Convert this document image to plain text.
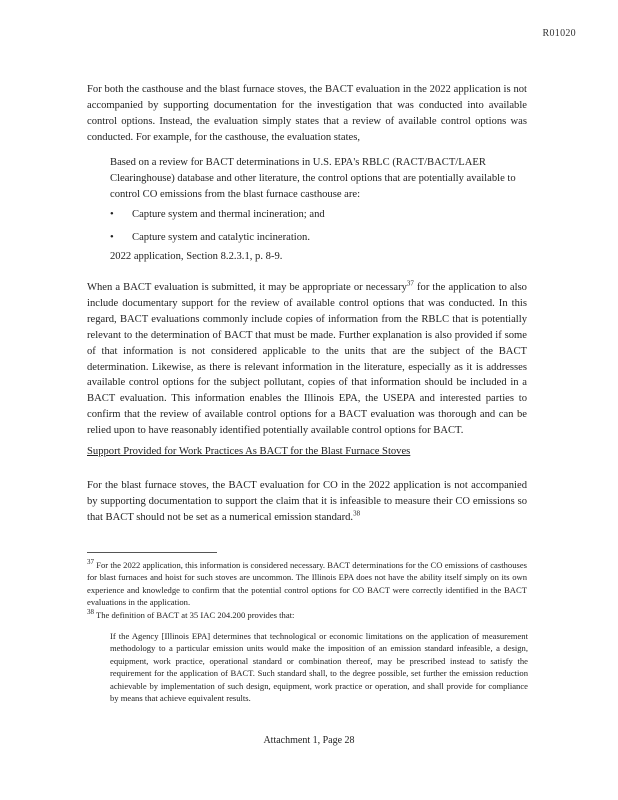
R01020

For both the casthouse and the blast furnace stoves, the BACT evaluation in the 2022 application is not accompanied by supporting documentation for the investigation that was conducted into available control options. Instead, the evaluation simply states that a review of available control options was conducted. For example, for the casthouse, the evaluation states,

Based on a review for BACT determinations in U.S. EPA's RBLC (RACT/BACT/LAER Clearinghouse) database and other literature, the control options that are potentially available to control CO emissions from the blast furnace casthouse are:

• Capture system and thermal incineration; and
• Capture system and catalytic incineration.

2022 application, Section 8.2.3.1, p. 8-9.

When a BACT evaluation is submitted, it may be appropriate or necessary$^{37}$ for the application to also include documentary support for the review of available control options that was conducted. In this regard, BACT evaluations commonly include copies of information from the RBLC that is potentially relevant to the determination of BACT that must be made. Further explanation is also provided if some of that information is not considered applicable to the units that are the subject of the BACT determination. Likewise, as there is relevant information in the literature, especially as it is addresses available control options for the subject pollutant, copies of that information should be included in a BACT evaluation. This information enables the Illinois EPA, the USEPA and interested parties to confirm that the review of available control options for a BACT evaluation was thorough and can be relied upon to have reasonably identified potentially available control options for BACT.

Support Provided for Work Practices As BACT for the Blast Furnace Stoves

For the blast furnace stoves, the BACT evaluation for CO in the 2022 application is not accompanied by supporting documentation to support the claim that it is infeasible to measure their CO emissions so that BACT should not be set as a numerical emission standard.$^{38}$

$^{37}$ For the 2022 application, this information is considered necessary. BACT determinations for the CO emissions of casthouses for blast furnaces and hoist for such stoves are uncommon. The Illinois EPA does not have the ability itself simply on its own experience and knowledge to confirm that the potential control options for CO BACT were correctly identified in the BACT evaluations in the application.

$^{38}$ The definition of BACT at 35 IAC 204.200 provides that:

If the Agency [Illinois EPA] determines that technological or economic limitations on the application of measurement methodology to a particular emission units would make the imposition of an emission standard infeasible, a design, equipment, work practice, operational standard or combination thereof, may be prescribed instead to satisfy the requirement for the application of BACT. Such standard shall, to the degree possible, set further the emission reduction achievable by implementation of such design, equipment, work practice or operation, and shall provide for compliance by means that achieve equivalent results.

Attachment 1, Page 28
